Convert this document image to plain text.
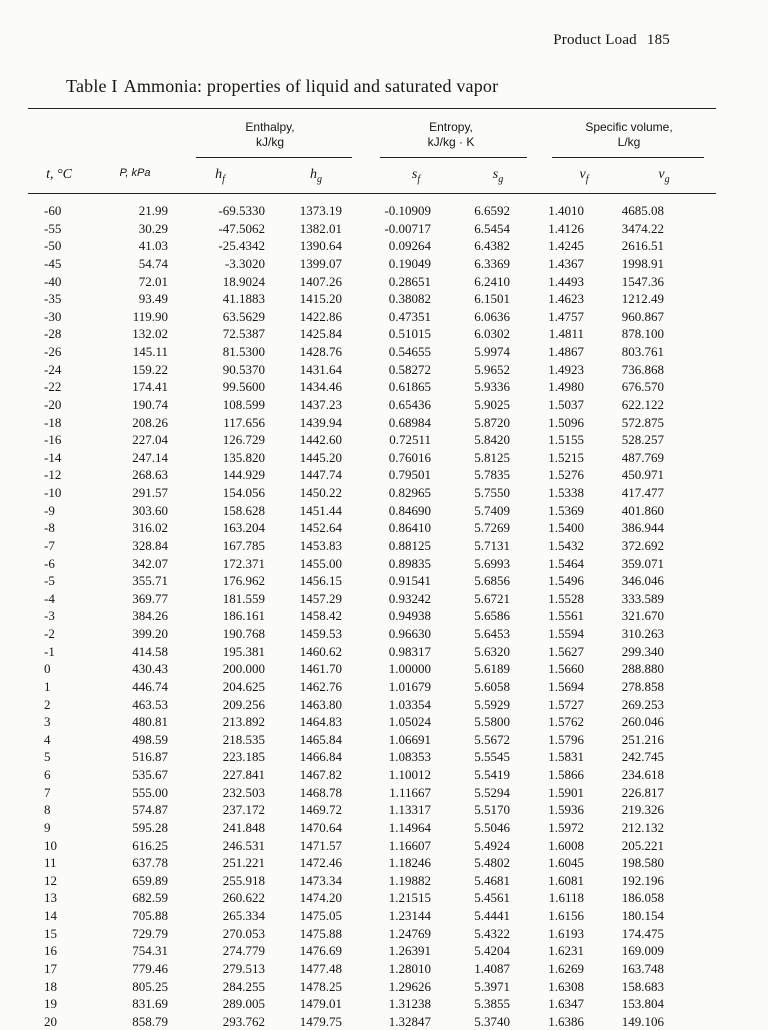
Product Load 185
Table I Ammonia: properties of liquid and saturated vapor
Enthalpy,
kJ/kg
Entropy,
kJ/kg · K
Specific volume,
L/kg
t, °C	P, kPa	$h_f$	$h_g$	$s_f$	$s_g$	$v_f$	$v_g$
-60	21.99	-69.5330	1373.19	-0.10909	6.6592	1.4010	4685.08
-55	30.29	-47.5062	1382.01	-0.00717	6.5454	1.4126	3474.22
-50	41.03	-25.4342	1390.64	0.09264	6.4382	1.4245	2616.51
-45	54.74	-3.3020	1399.07	0.19049	6.3369	1.4367	1998.91
-40	72.01	18.9024	1407.26	0.28651	6.2410	1.4493	1547.36
-35	93.49	41.1883	1415.20	0.38082	6.1501	1.4623	1212.49
-30	119.90	63.5629	1422.86	0.47351	6.0636	1.4757	960.867
-28	132.02	72.5387	1425.84	0.51015	6.0302	1.4811	878.100
-26	145.11	81.5300	1428.76	0.54655	5.9974	1.4867	803.761
-24	159.22	90.5370	1431.64	0.58272	5.9652	1.4923	736.868
-22	174.41	99.5600	1434.46	0.61865	5.9336	1.4980	676.570
-20	190.74	108.599	1437.23	0.65436	5.9025	1.5037	622.122
-18	208.26	117.656	1439.94	0.68984	5.8720	1.5096	572.875
-16	227.04	126.729	1442.60	0.72511	5.8420	1.5155	528.257
-14	247.14	135.820	1445.20	0.76016	5.8125	1.5215	487.769
-12	268.63	144.929	1447.74	0.79501	5.7835	1.5276	450.971
-10	291.57	154.056	1450.22	0.82965	5.7550	1.5338	417.477
-9	303.60	158.628	1451.44	0.84690	5.7409	1.5369	401.860
-8	316.02	163.204	1452.64	0.86410	5.7269	1.5400	386.944
-7	328.84	167.785	1453.83	0.88125	5.7131	1.5432	372.692
-6	342.07	172.371	1455.00	0.89835	5.6993	1.5464	359.071
-5	355.71	176.962	1456.15	0.91541	5.6856	1.5496	346.046
-4	369.77	181.559	1457.29	0.93242	5.6721	1.5528	333.589
-3	384.26	186.161	1458.42	0.94938	5.6586	1.5561	321.670
-2	399.20	190.768	1459.53	0.96630	5.6453	1.5594	310.263
-1	414.58	195.381	1460.62	0.98317	5.6320	1.5627	299.340
0	430.43	200.000	1461.70	1.00000	5.6189	1.5660	288.880
1	446.74	204.625	1462.76	1.01679	5.6058	1.5694	278.858
2	463.53	209.256	1463.80	1.03354	5.5929	1.5727	269.253
3	480.81	213.892	1464.83	1.05024	5.5800	1.5762	260.046
4	498.59	218.535	1465.84	1.06691	5.5672	1.5796	251.216
5	516.87	223.185	1466.84	1.08353	5.5545	1.5831	242.745
6	535.67	227.841	1467.82	1.10012	5.5419	1.5866	234.618
7	555.00	232.503	1468.78	1.11667	5.5294	1.5901	226.817
8	574.87	237.172	1469.72	1.13317	5.5170	1.5936	219.326
9	595.28	241.848	1470.64	1.14964	5.5046	1.5972	212.132
10	616.25	246.531	1471.57	1.16607	5.4924	1.6008	205.221
11	637.78	251.221	1472.46	1.18246	5.4802	1.6045	198.580
12	659.89	255.918	1473.34	1.19882	5.4681	1.6081	192.196
13	682.59	260.622	1474.20	1.21515	5.4561	1.6118	186.058
14	705.88	265.334	1475.05	1.23144	5.4441	1.6156	180.154
15	729.79	270.053	1475.88	1.24769	5.4322	1.6193	174.475
16	754.31	274.779	1476.69	1.26391	5.4204	1.6231	169.009
17	779.46	279.513	1477.48	1.28010	1.4087	1.6269	163.748
18	805.25	284.255	1478.25	1.29626	5.3971	1.6308	158.683
19	831.69	289.005	1479.01	1.31238	5.3855	1.6347	153.804
20	858.79	293.762	1479.75	1.32847	5.3740	1.6386	149.106
